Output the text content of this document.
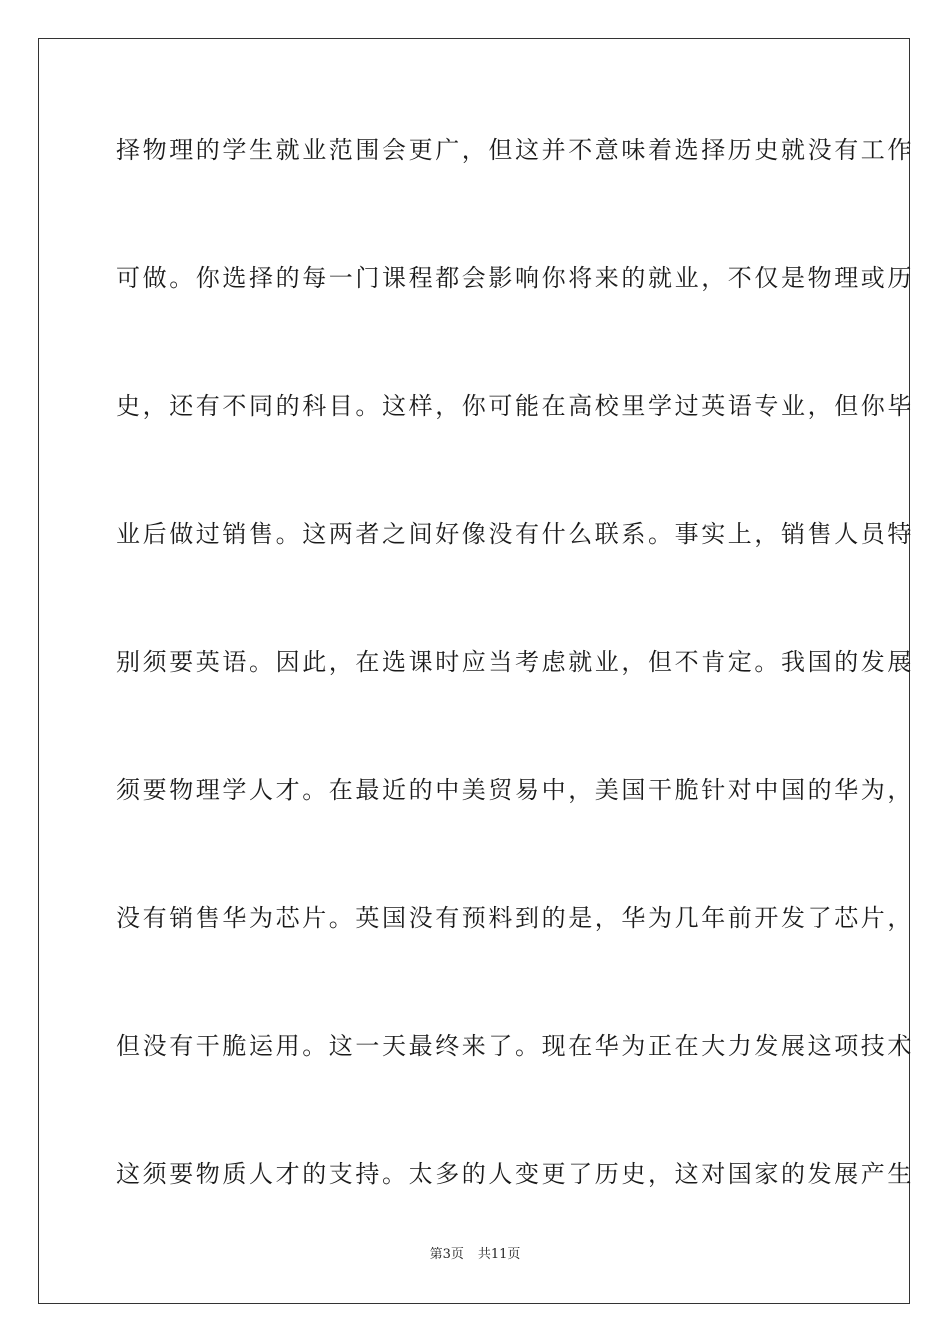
择物理的学生就业范围会更广，但这并不意味着选择历史就没有工作

可做。你选择的每一门课程都会影响你将来的就业，不仅是物理或历

史，还有不同的科目。这样，你可能在高校里学过英语专业，但你毕

业后做过销售。这两者之间好像没有什么联系。事实上，销售人员特

别须要英语。因此，在选课时应当考虑就业，但不肯定。我国的发展

须要物理学人才。在最近的中美贸易中，美国干脆针对中国的华为，

没有销售华为芯片。英国没有预料到的是，华为几年前开发了芯片，

但没有干脆运用。这一天最终来了。现在华为正在大力发展这项技术

这须要物质人才的支持。太多的人变更了历史，这对国家的发展产生

第3页 共11页
